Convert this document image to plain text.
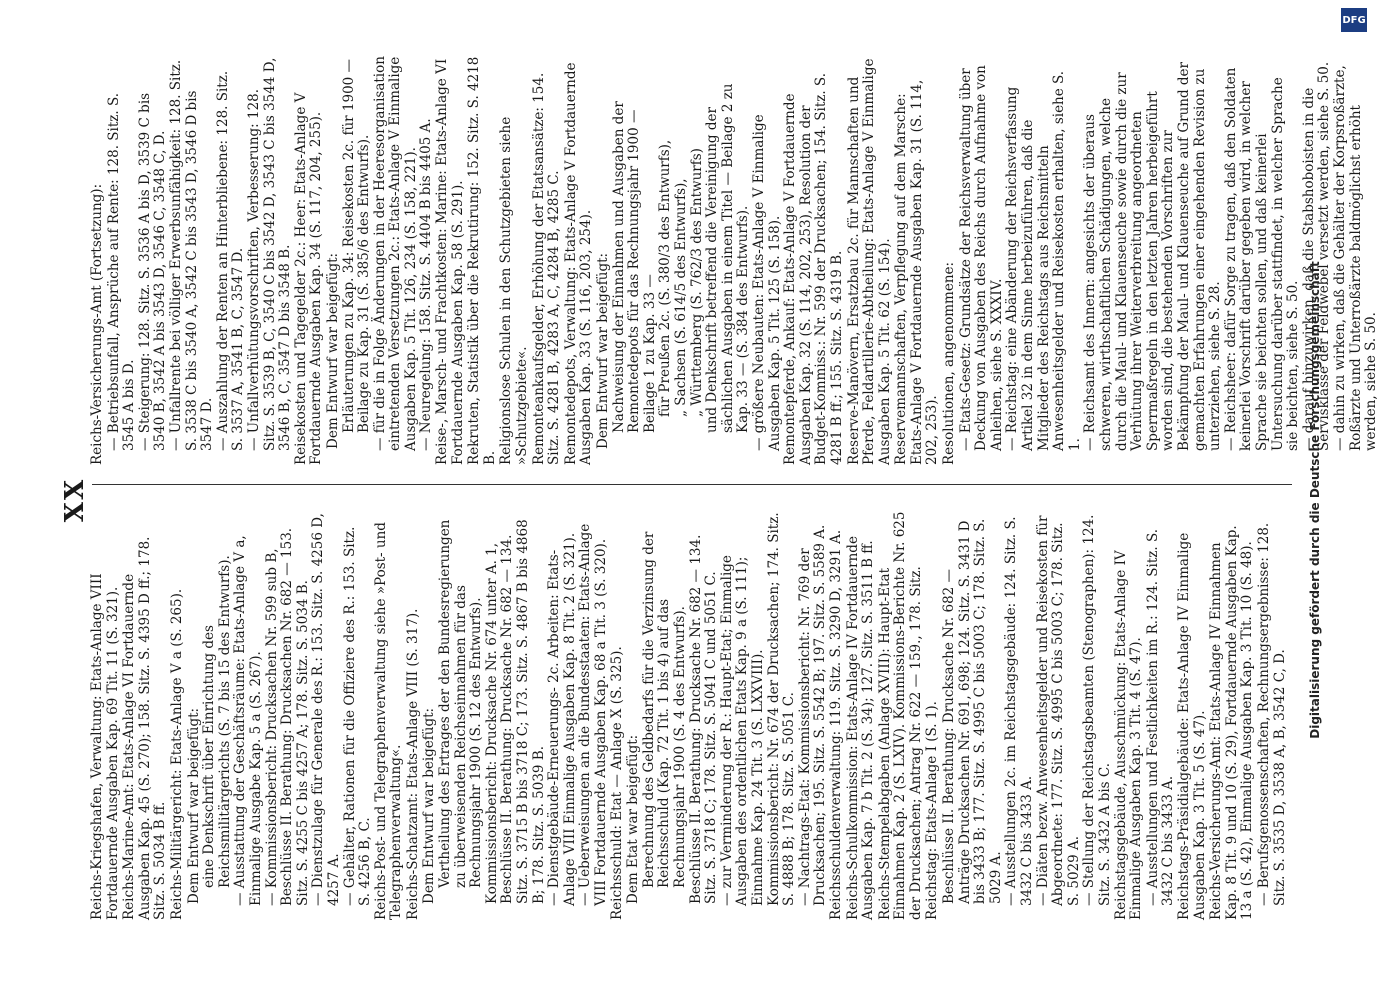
XX
Reichs-Kriegshafen, Verwaltung: Etats-Anlage VIII Fortdauernde Ausgaben Kap. 69 Tit. 11 (S. 321). Reichs-Marine-Amt: Etats-Anlage VI Fortdauernde Ausgaben Kap. 45 (S. 270); 158. Sitz. S. 4395 D ff.; 178. Sitz. S. 5034 B ff. Reichs-Militärgericht: Etats-Anlage V a (S. 265). Dem Entwurf war beigefügt: eine Denkschrift über Einrichtung des Reichsmilitärgerichts (S. 7 bis 15 des Entwurfs). — Ausstattung der Geschäftsräume: Etats-Anlage V a, Einmalige Ausgabe Kap. 5 a (S. 267). — Kommissionsbericht: Drucksachen Nr. 599 sub B, Beschlüsse II. Berathung: Drucksachen Nr. 682 — 153. Sitz. S. 4255 C bis 4257 A; 178. Sitz. S. 5034 B. — Dienstzulage für Generale des R.: 153. Sitz. S. 4256 D, 4257 A. — Gehälter, Rationen für die Offiziere des R.: 153. Sitz. S. 4256 B, C. Reichs-Post- und Telegraphenverwaltung siehe »Post- und Telegraphenverwaltung«. Reichs-Schatzamt: Etats-Anlage VIII (S. 317). Dem Entwurf war beigefügt: Vertheilung des Ertrages der den Bundesregierungen zu überweisenden Reichseinnahmen für das Rechnungsjahr 1900 (S. 12 des Entwurfs). Kommissionsbericht: Drucksache Nr. 674 unter A. 1, Beschlüsse II. Berathung: Drucksache Nr. 682 — 134. Sitz. S. 3715 B bis 3718 C; 173. Sitz. S. 4867 B bis 4868 B; 178. Sitz. S. 5039 B. — Dienstgebäude-Erneuerungs- 2c. Arbeiten: Etats-Anlage VIII Einmalige Ausgaben Kap. 8 Tit. 2 (S. 321). — Ueberweisungen an die Bundesstaaten: Etats-Anlage VIII Fortdauernde Ausgaben Kap. 68 a Tit. 3 (S. 320). Reichsschuld: Etat — Anlage X (S. 325). Dem Etat war beigefügt: Berechnung des Geldbedarfs für die Verzinsung der Reichsschuld (Kap. 72 Tit. 1 bis 4) auf das Rechnungsjahr 1900 (S. 4 des Entwurfs). Beschlüsse II. Berathung: Drucksache Nr. 682 — 134. Sitz. S. 3718 C; 178. Sitz. S. 5041 C und 5051 C. — zur Verminderung der R.: Haupt-Etat; Einmalige Ausgaben des ordentlichen Etats Kap. 9 a (S. 111); Einnahme Kap. 24 Tit. 3 (S. LXXVIII). Kommissionsbericht: Nr. 674 der Drucksachen; 174. Sitz. S. 4888 B; 178. Sitz. S. 5051 C. — Nachtrags-Etat: Kommissionsbericht: Nr. 769 der Drucksachen; 195. Sitz. S. 5542 B; 197. Sitz. S. 5589 A. Reichsschuldenverwaltung: 119. Sitz. S. 3290 D, 3291 A. Reichs-Schulkommission: Etats-Anlage IV Fortdauernde Ausgaben Kap. 7 b Tit. 2 (S. 34); 127. Sitz. S. 3511 B ff. Reichs-Stempelabgaben (Anlage XVIII): Haupt-Etat Einnahmen Kap. 2 (S. LXIV). Kommissions-Berichte Nr. 625 der Drucksachen; Antrag Nr. 622 — 159., 178. Sitz. Reichstag: Etats-Anlage I (S. 1). Beschlüsse II. Berathung: Drucksache Nr. 682 — Anträge Drucksachen Nr. 691, 698; 124. Sitz. S. 3431 D bis 3433 B; 177. Sitz. S. 4995 C bis 5003 C; 178. Sitz. S. 5029 A. — Ausstellungen 2c. im Reichstagsgebäude: 124. Sitz. S. 3432 C bis 3433 A. — Diäten bezw. Anwesenheitsgelder und Reisekosten für Abgeordnete: 177. Sitz. S. 4995 C bis 5003 C; 178. Sitz. S. 5029 A. — Stellung der Reichstagsbeamten (Stenographen): 124. Sitz. S. 3432 A bis C. Reichstagsgebäude, Ausschmückung: Etats-Anlage IV Einmalige Ausgaben Kap. 3 Tit. 4 (S. 47). — Ausstellungen und Festlichkeiten im R.: 124. Sitz. S. 3432 C bis 3433 A. Reichstags-Präsidialgebäude: Etats-Anlage IV Einmalige Ausgaben Kap. 3 Tit. 5 (S. 47). Reichs-Versicherungs-Amt: Etats-Anlage IV Einnahmen Kap. 8 Tit. 9 und 10 (S. 29), Fortdauernde Ausgaben Kap. 13 a (S. 42), Einmalige Ausgaben Kap. 3 Tit. 10 (S. 48). — Berufsgenossenschaften, Rechnungsergebnisse: 128. Sitz. S. 3535 D, 3538 A, B, 3542 C, D.
Reichs-Versicherungs-Amt (Fortsetzung): — Betriebsunfall, Ansprüche auf Rente: 128. Sitz. S. 3545 A bis D. — Steigerung: 128. Sitz. S. 3536 A bis D, 3539 C bis 3540 B, 3542 A bis 3543 D, 3546 C, 3548 C, D. — Unfallrente bei völliger Erwerbsunfähigkeit: 128. Sitz. S. 3538 C bis 3540 A, 3542 C bis 3543 D, 3546 D bis 3547 D. — Auszahlung der Renten an Hinterbliebene: 128. Sitz. S. 3537 A, 3541 B, C, 3547 D. — Unfallverhütungsvorschriften, Verbesserung: 128. Sitz. S. 3539 B, C, 3540 C bis 3542 D, 3543 C bis 3544 D, 3546 B, C, 3547 D bis 3548 B. Reisekosten und Tagegelder 2c.: Heer: Etats-Anlage V Fortdauernde Ausgaben Kap. 34 (S. 117, 204, 255). Dem Entwurf war beigefügt: Erläuterungen zu Kap. 34: Reisekosten 2c. für 1900 — Beilage zu Kap. 31 (S. 385/6 des Entwurfs). — für die in Folge Änderungen in der Heeresorganisation eintretenden Versetzungen 2c.: Etats-Anlage V Einmalige Ausgaben Kap. 5 Tit. 126, 234 (S. 158, 221). — Neuregelung: 158. Sitz. S. 4404 B bis 4405 A. Reise-, Marsch- und Frachtkosten: Marine: Etats-Anlage VI Fortdauernde Ausgaben Kap. 58 (S. 291). Rekruten, Statistik über die Rekrutirung: 152. Sitz. S. 4218 B. Religionslose Schulen in den Schutzgebieten siehe »Schutzgebiete«. Remonteankaufsgelder, Erhöhung der Etatsansätze: 154. Sitz. S. 4281 B, 4283 A, C, 4284 B, 4285 C. Remontedepots, Verwaltung: Etats-Anlage V Fortdauernde Ausgaben Kap. 33 (S. 116, 203, 254). Dem Entwurf war beigefügt: Nachweisung der Einnahmen und Ausgaben der Remontedepots für das Rechnungsjahr 1900 — Beilage 1 zu Kap. 33 — für Preußen 2c. (S. 380/3 des Entwurfs), „ Sachsen (S. 614/5 des Entwurfs), „ Württemberg (S. 762/3 des Entwurfs) und Denkschrift betreffend die Vereinigung der sächlichen Ausgaben in einem Titel — Beilage 2 zu Kap. 33 — (S. 384 des Entwurfs). — größere Neubauten: Etats-Anlage V Einmalige Ausgaben Kap. 5 Tit. 125 (S. 158). Remontepferde, Ankauf: Etats-Anlage V Fortdauernde Ausgaben Kap. 32 (S. 114, 202, 253), Resolution der Budget-Kommiss.: Nr. 599 der Drucksachen; 154. Sitz. S. 4281 B ff.; 155. Sitz. S. 4319 B. Reserve-Manövern, Ersatzbau 2c. für Mannschaften und Pferde, Feldartillerie-Abtheilung: Etats-Anlage V Einmalige Ausgaben Kap. 5 Tit. 62 (S. 154). Reservemannschaften, Verpflegung auf dem Marsche: Etats-Anlage V Fortdauernde Ausgaben Kap. 31 (S. 114, 202, 253). Resolutionen, angenommene: — Etats-Gesetz: Grundsätze der Reichsverwaltung über Deckung von Ausgaben des Reichs durch Aufnahme von Anleihen, siehe S. XXXIV. — Reichstag: eine Abänderung der Reichsverfassung Artikel 32 in dem Sinne herbeizuführen, daß die Mitglieder des Reichstags aus Reichsmitteln Anwesenheitsgelder und Reisekosten erhalten, siehe S. 1.
— Reichsamt des Innern: angesichts der überaus schweren, wirthschaftlichen Schädigungen, welche durch die Maul- und Klauenseuche sowie durch die zur Verhütung ihrer Weiterverbreitung angeordneten Sperrmaßregeln in den letzten Jahren herbeigeführt worden sind, die bestehenden Vorschriften zur Bekämpfung der Maul- und Klauenseuche auf Grund der gemachten Erfahrungen einer eingehenden Revision zu unterziehen, siehe S. 28. — Reichsheer: dafür Sorge zu tragen, daß den Soldaten keinerlei Vorschrift darüber gegeben wird, in welcher Sprache sie beichten sollen, und daß keinerlei Untersuchung darüber stattfindet, in welcher Sprache sie beichten, siehe S. 50. — darauf hinzuwirken, daß die Stabshoboisten in die Servisklasse der Feldwebel versetzt werden, siehe S. 50. — dahin zu wirken, daß die Gehälter der Korpsroßärzte, Roßärzte und Unterroßärzte baldmöglichst erhöht werden, siehe S. 50.
Digitalisierung gefördert durch die Deutsche Forschungsgemeinschaft
DFG
